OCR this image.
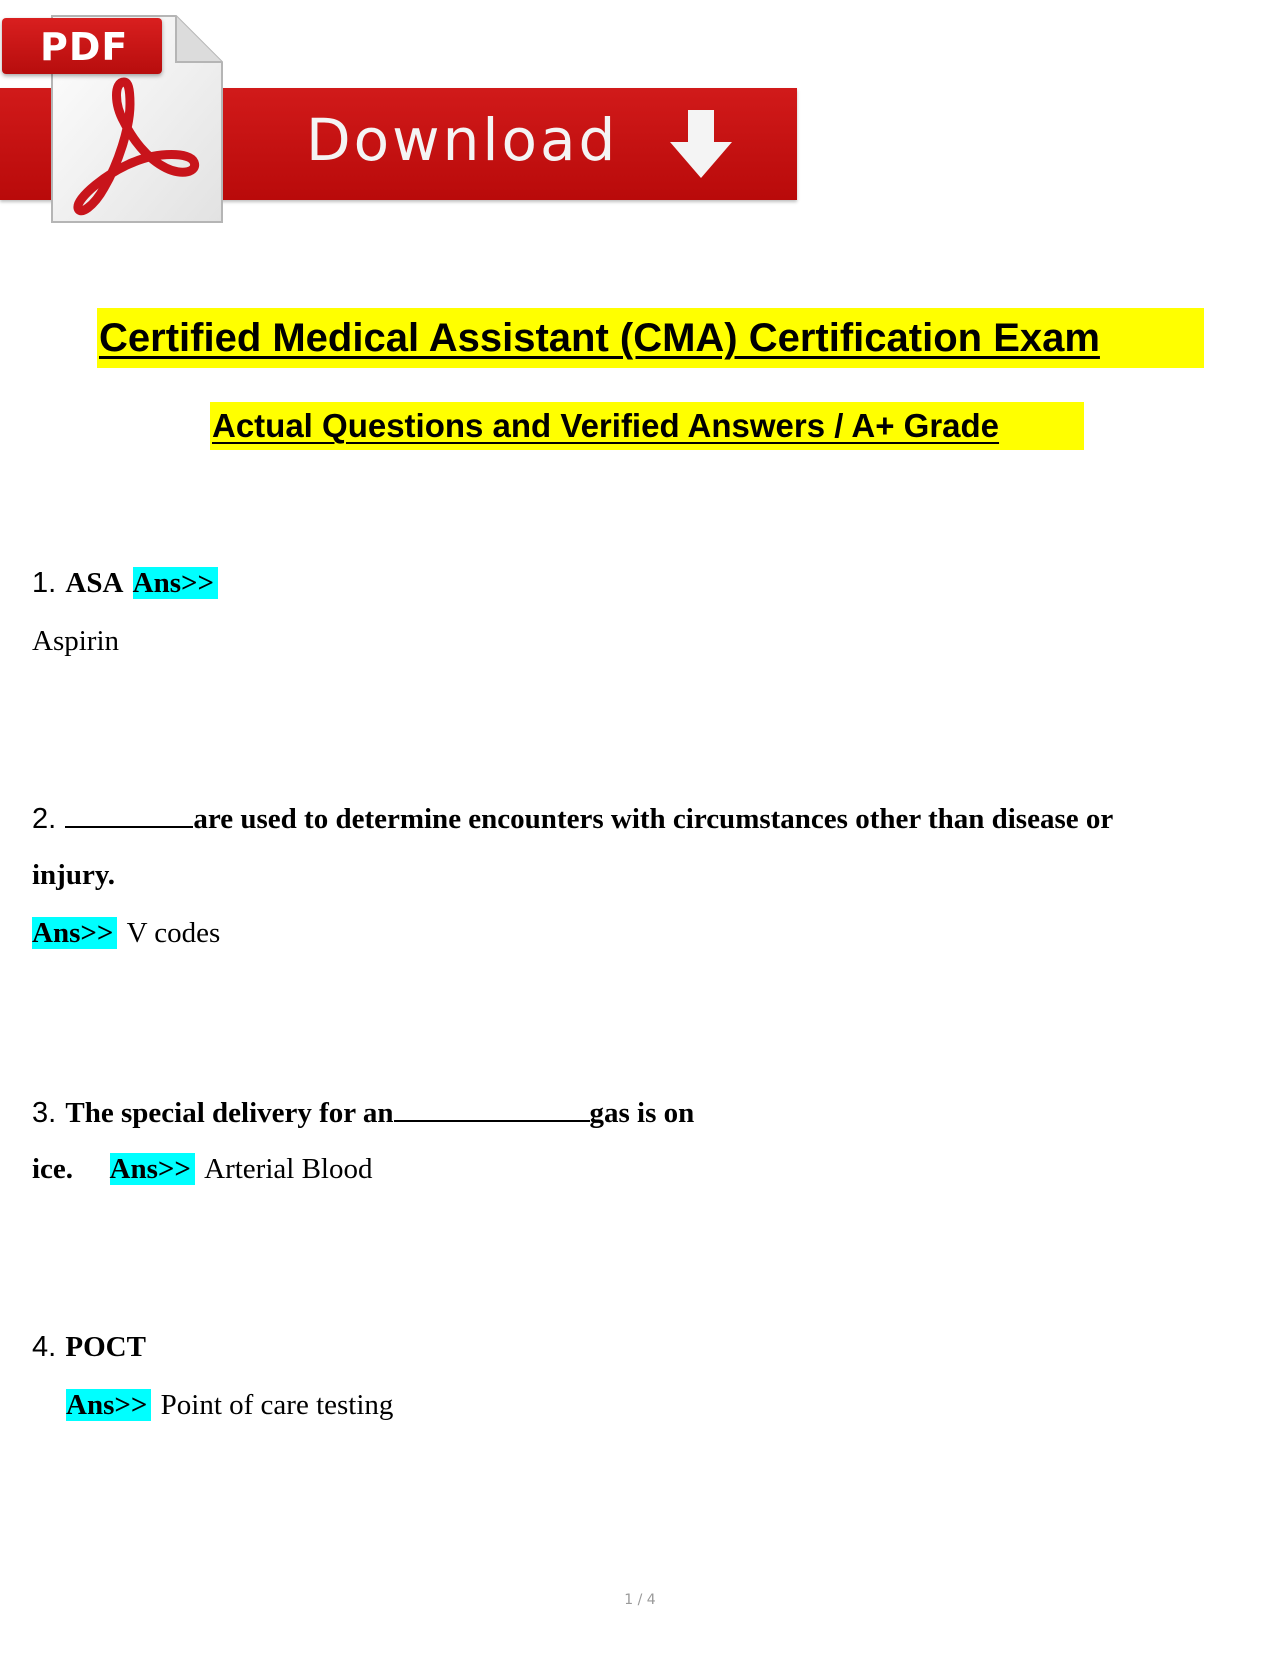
PDF
Download
Certified Medical Assistant (CMA) Certification Exam
Actual Questions and Verified Answers / A+ Grade
1. ASA Ans>>
Aspirin
2.	are used to determine encounters with circumstances other than disease or
injury.
Ans>> V codes
3. The special delivery for an	gas is on
ice. Ans>> Arterial Blood
4. POCT
Ans>> Point of care testing
1 / 4
